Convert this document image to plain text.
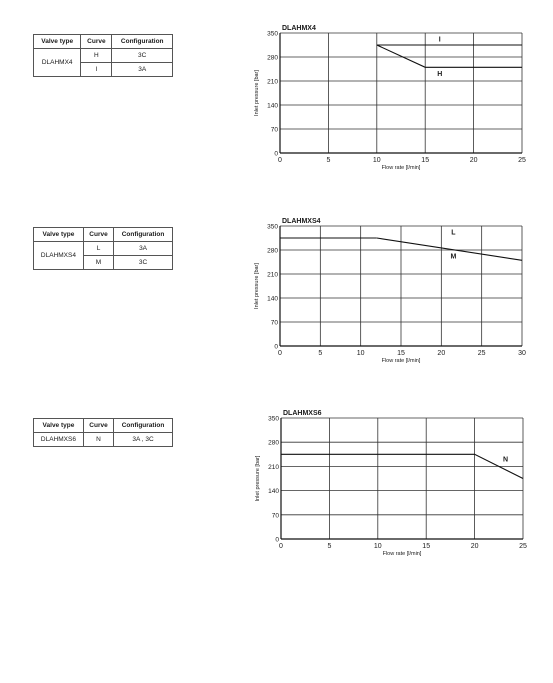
Valve type	Curve	Configuration
DLAHMX4	H	3C
	I	3A
Valve type	Curve	Configuration
DLAHMXS4	L	3A
	M	3C
Valve type	Curve	Configuration
DLAHMXS6	N	3A , 3C
0	5	10	15	20	25
0
70
140
210
280
350
DLAHMX4
Flow rate [l/min]
Inlet pressure [bar]
I
H
0	5	10	15	20	25	30
0
70
140
210
280
350
DLAHMXS4
Flow rate [l/min]
Inlet pressure [bar]
L
M
0	5	10	15	20	25
0
70
140
210
280
350
DLAHMXS6
Flow rate [l/min]
Inlet pressure [bar]	N
